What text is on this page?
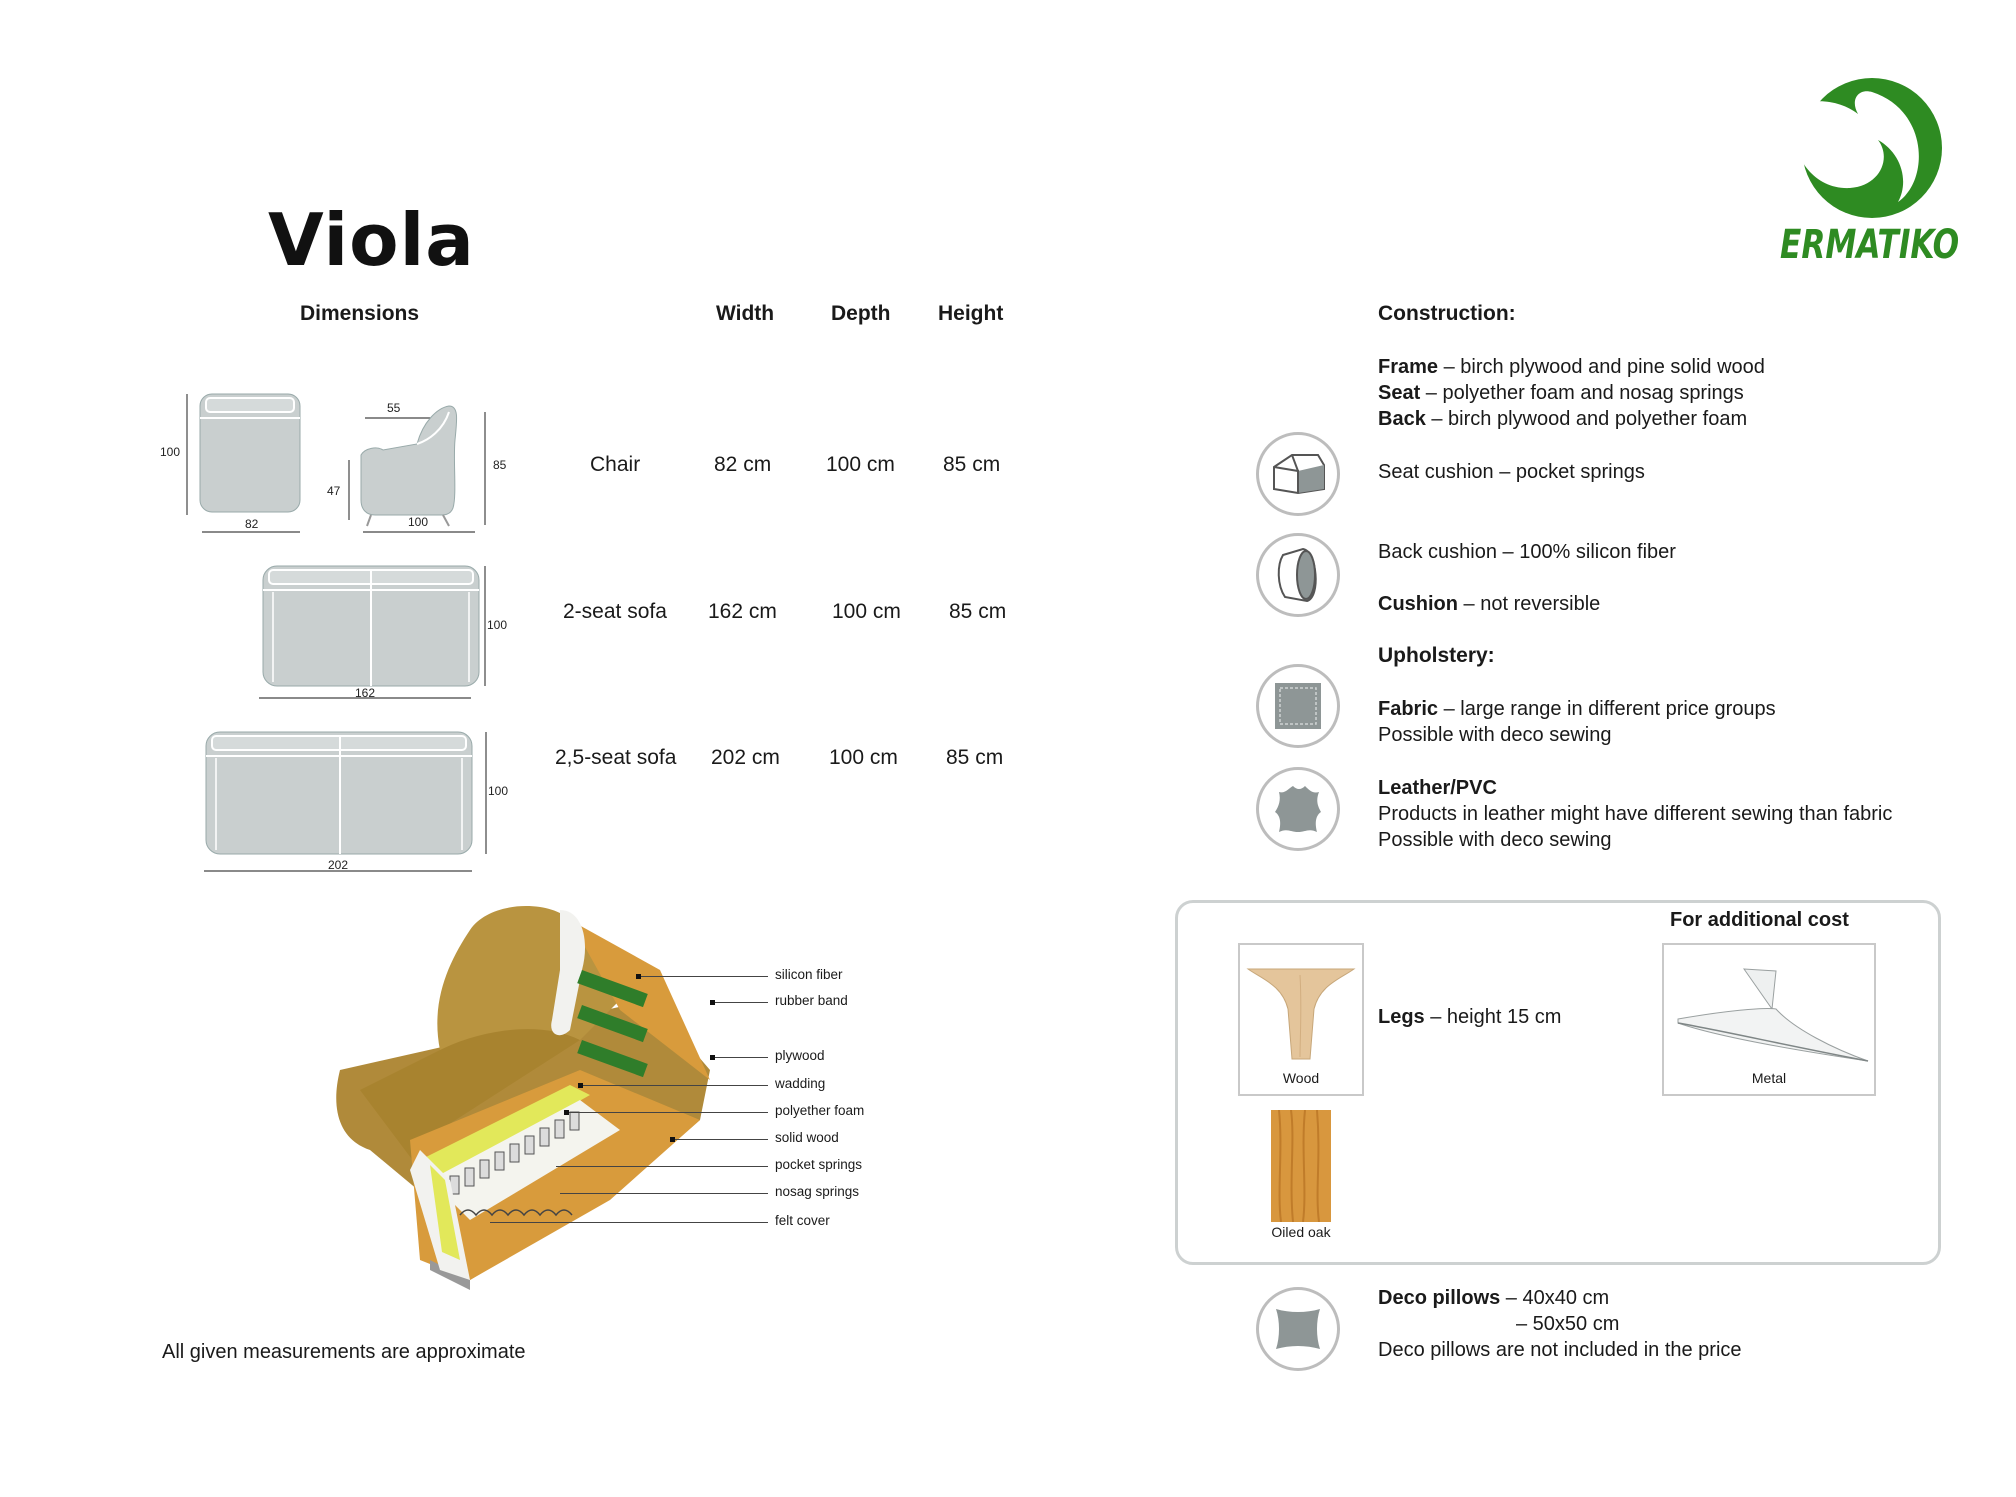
ERMATIKO
Viola
Dimensions	Width	Depth Height
100
82
55
47
85
100
100
162
100
202
Chair	82 cm	100 cm 85 cm
2-seat sofa 162 cm	100 cm 85 cm
2,5-seat sofa 202 cm 100 cm 85 cm
silicon fiber
rubber band
plywood
wadding
polyether foam
solid wood
pocket springs
nosag springs
felt cover
All given measurements are approximate
Construction:
Frame – birch plywood and pine solid wood
Seat – polyether foam and nosag springs
Back – birch plywood and polyether foam
Seat cushion – pocket springs
Back cushion – 100% silicon fiber
Cushion – not reversible
Upholstery:
Fabric – large range in different price groups
Possible with deco sewing
Leather/PVC
Products in leather might have different sewing than fabric
Possible with deco sewing
For additional cost
Wood
Legs – height 15 cm
Metal
Oiled oak
Deco pillows – 40x40 cm
– 50x50 cm
Deco pillows are not included in the price
